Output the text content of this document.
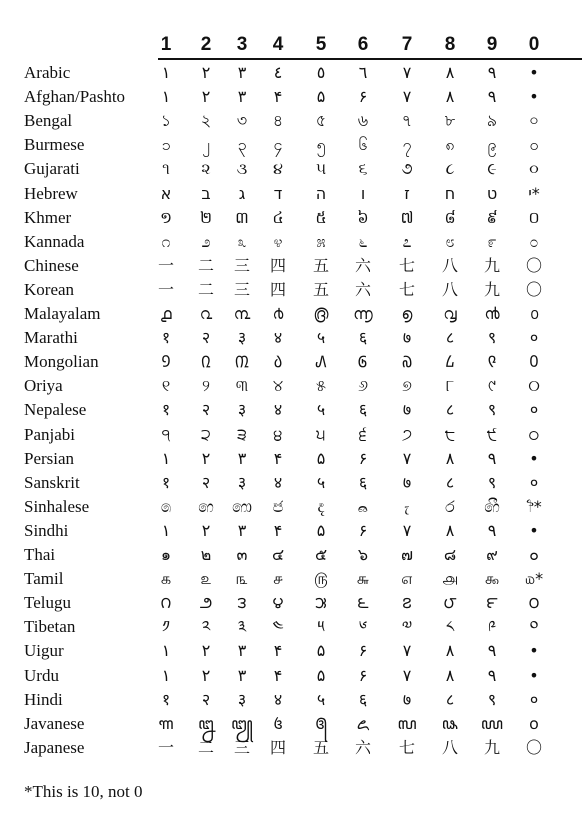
1	2	3	4	5	6	7	8	9	0
Arabic	١	٢	٣	٤	٥	٦	٧	٨	٩	•
Afghan/Pashto	١	٢	٣	۴	۵	۶	٧	٨	٩	•
Bengal	১	২	৩	৪	৫	৬	৭	৮	৯	০
Burmese	၁	၂	၃	၄	၅	၆	၇	၈	၉	၀
Gujarati	૧	૨	૩	૪	૫	૬	૭	૮	૯	૦
Hebrew	א	ב	ג	ד	ה	ו	ז	ח	ט	י*
Khmer	១	២	៣	៤	៥	៦	៧	៨	៩	០
Kannada	೧	೨	೩	೪	೫	೬	೭	೮	೯	೦
Chinese	一	二	三	四	五	六	七	八	九	〇
Korean	一	二	三	四	五	六	七	八	九	〇
Malayalam	൧	൨	൩	൪	൫	൬	൭	൮	൯	൦
Marathi	१	२	३	४	५	६	७	८	९	०
Mongolian	᠑	᠒	᠓	᠔	᠕	᠖	᠗	᠘	᠙	᠐
Oriya	୧	୨	୩	୪	୫	୬	୭	୮	୯	୦
Nepalese	१	२	३	४	५	६	७	८	९	०
Panjabi	੧	੨	੩	੪	੫	੬	੭	੮	੯	੦
Persian	۱	۲	۳	۴	۵	۶	۷	۸	۹	•
Sanskrit	१	२	३	४	५	६	७	८	९	०
Sinhalese	෧	෨	෩	෪	෫	෬	෭	෮	෯	෦*
Sindhi	١	٢	٣	۴	۵	۶	٧	٨	٩	•
Thai	๑	๒	๓	๔	๕	๖	๗	๘	๙	๐
Tamil	௧	௨	௩	௪	௫	௬	௭	௮	௯	௰*
Telugu	౧	౨	౩	౪	౫	౬	౭	౮	౯	౦
Tibetan	༡	༢	༣	༤	༥	༦	༧	༨	༩	༠
Uigur	١	٢	٣	۴	۵	۶	٧	٨	٩	•
Urdu	١	٢	٣	۴	۵	۶	٧	٨	٩	•
Hindi	१	२	३	४	५	६	७	८	९	०
Javanese	꧑	꧒	꧓	꧔	꧕	꧖	꧗	꧘	꧙	꧐
Japanese	一	二	三	四	五	六	七	八	九	〇
*This is 10, not 0
